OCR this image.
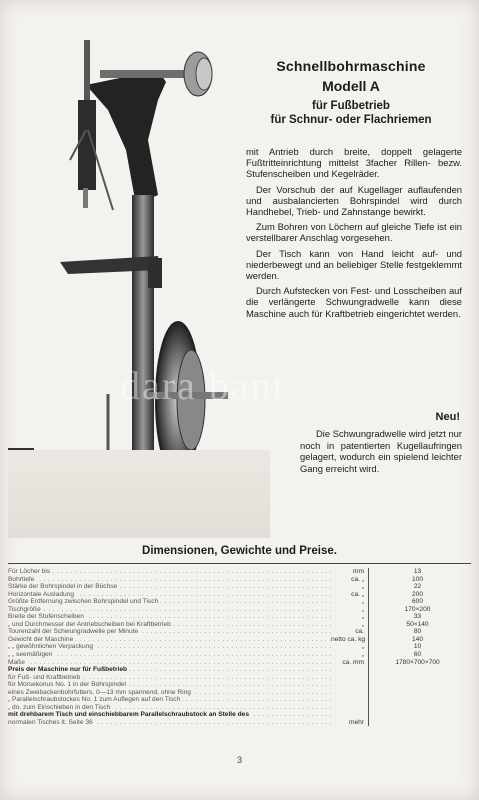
dara bant
Schnellbohrmaschine
Modell A
für Fußbetrieb
für Schnur- oder Flachriemen

mit Antrieb durch breite, doppelt gelagerte Fußtritteinrichtung mittelst 3facher Rillen- bezw. Stufenscheiben und Kegelräder.

Der Vorschub der auf Kugellager auflaufenden und ausbalancierten Bohrspindel wird durch Handhebel, Trieb- und Zahnstange bewirkt.

Zum Bohren von Löchern auf gleiche Tiefe ist ein verstellbarer Anschlag vorgesehen.

Der Tisch kann von Hand leicht auf- und niederbewegt und an beliebiger Stelle festgeklemmt werden.

Durch Aufstecken von Fest- und Losscheiben auf die verlängerte Schwungradwelle kann diese Maschine auch für Kraftbetrieb eingerichtet werden.

Neu!

Die Schwungradwelle wird jetzt nur noch in patentierten Kugellaufringen gelagert, wodurch ein spielend leichter Gang erreicht wird.

Dimensionen, Gewichte und Preise.
Für Löcher bis . . .	mm	13
Bohrtiefe . . .	ca. „	100
Stärke der Bohrspindel in der Büchse . . .	„	22
Horizontale Ausladung . . .	ca. „	200
Größte Entfernung zwischen Bohrspindel und Tisch . . .	„	600
Tischgröße . . .	„	170×200
Breite der Stufenscheiben . . .	„	33
„ und Durchmesser der Antriebscheiben bei Kraftbetrieb . . .	„	50×140
Tourenzahl der Schwungradwelle per Minute . . .	ca.	80
Gewicht der Maschine . . .	netto ca. kg	140
„ „ gewöhnlichen Verpackung . . .	„	10
„ „ seemäßigen . . .	„	60
Maße . . .	ca. mm	1780×700×700
Preis der Maschine nur für Fußbetrieb . . .
für Fuß- und Kraftbetrieb . . .
für Morsekonus No. 1 in der Bohrspindel . . .
eines Zweibackenbohrfutters, 0—13 mm spannend, ohne Ring . . .
„ Parallelschraubstockes No. 1 zum Auflegen auf den Tisch . . .
„ do. zum Einschieben in den Tisch . . .
mit drehbarem Tisch und einschiebbarem Parallelschraubstock an Stelle des . . .
normalen Tisches lt. Seite 36 . . .	mehr
3
